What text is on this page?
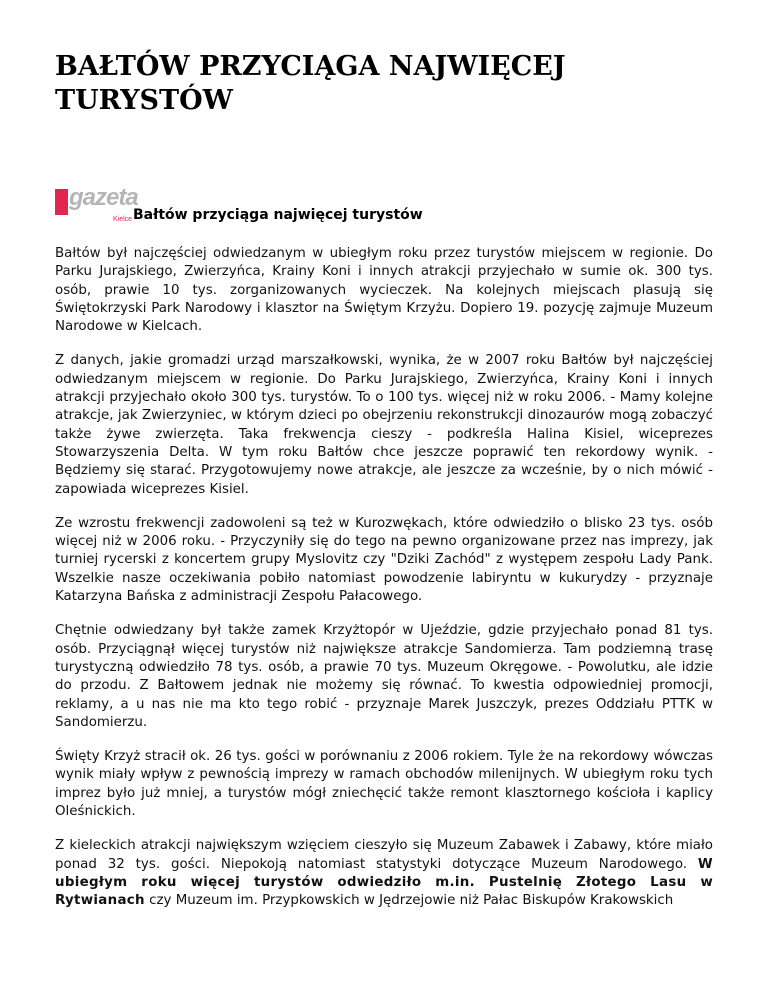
BAŁTÓW PRZYCIĄGA NAJWIĘCEJ TURYSTÓW
gazeta
Kielce Bałtów przyciąga najwięcej turystów

Bałtów był najczęściej odwiedzanym w ubiegłym roku przez turystów miejscem w regionie. Do Parku Jurajskiego, Zwierzyńca, Krainy Koni i innych atrakcji przyjechało w sumie ok. 300 tys. osób, prawie 10 tys. zorganizowanych wycieczek. Na kolejnych miejscach plasują się Świętokrzyski Park Narodowy i klasztor na Świętym Krzyżu. Dopiero 19. pozycję zajmuje Muzeum Narodowe w Kielcach.

Z danych, jakie gromadzi urząd marszałkowski, wynika, że w 2007 roku Bałtów był najczęściej odwiedzanym miejscem w regionie. Do Parku Jurajskiego, Zwierzyńca, Krainy Koni i innych atrakcji przyjechało około 300 tys. turystów. To o 100 tys. więcej niż w roku 2006. - Mamy kolejne atrakcje, jak Zwierzyniec, w którym dzieci po obejrzeniu rekonstrukcji dinozaurów mogą zobaczyć także żywe zwierzęta. Taka frekwencja cieszy - podkreśla Halina Kisiel, wiceprezes Stowarzyszenia Delta. W tym roku Bałtów chce jeszcze poprawić ten rekordowy wynik. - Będziemy się starać. Przygotowujemy nowe atrakcje, ale jeszcze za wcześnie, by o nich mówić - zapowiada wiceprezes Kisiel.

Ze wzrostu frekwencji zadowoleni są też w Kurozwękach, które odwiedziło o blisko 23 tys. osób więcej niż w 2006 roku. - Przyczyniły się do tego na pewno organizowane przez nas imprezy, jak turniej rycerski z koncertem grupy Myslovitz czy "Dziki Zachód" z występem zespołu Lady Pank. Wszelkie nasze oczekiwania pobiło natomiast powodzenie labiryntu w kukurydzy - przyznaje Katarzyna Bańska z administracji Zespołu Pałacowego.

Chętnie odwiedzany był także zamek Krzyżtopór w Ujeździe, gdzie przyjechało ponad 81 tys. osób. Przyciągnął więcej turystów niż największe atrakcje Sandomierza. Tam podziemną trasę turystyczną odwiedziło 78 tys. osób, a prawie 70 tys. Muzeum Okręgowe. - Powolutku, ale idzie do przodu. Z Bałtowem jednak nie możemy się równać. To kwestia odpowiedniej promocji, reklamy, a u nas nie ma kto tego robić - przyznaje Marek Juszczyk, prezes Oddziału PTTK w Sandomierzu.

Święty Krzyż stracił ok. 26 tys. gości w porównaniu z 2006 rokiem. Tyle że na rekordowy wówczas wynik miały wpływ z pewnością imprezy w ramach obchodów milenijnych. W ubiegłym roku tych imprez było już mniej, a turystów mógł zniechęcić także remont klasztornego kościoła i kaplicy Oleśnickich.

Z kieleckich atrakcji największym wzięciem cieszyło się Muzeum Zabawek i Zabawy, które miało ponad 32 tys. gości. Niepokoją natomiast statystyki dotyczące Muzeum Narodowego. W ubiegłym roku więcej turystów odwiedziło m.in. Pustelnię Złotego Lasu w Rytwianach czy Muzeum im. Przypkowskich w Jędrzejowie niż Pałac Biskupów Krakowskich
